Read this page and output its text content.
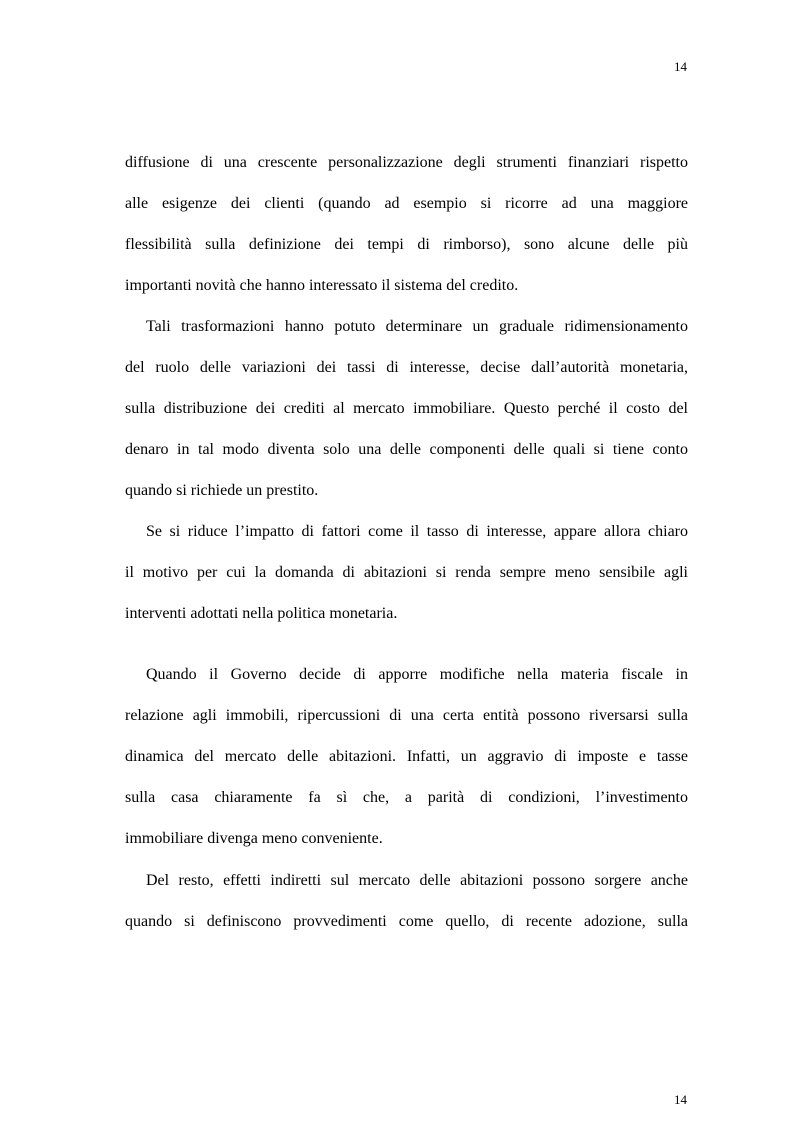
14
diffusione di una crescente personalizzazione degli strumenti finanziari rispetto
alle esigenze dei clienti (quando ad esempio si ricorre ad una maggiore
flessibilità sulla definizione dei tempi di rimborso), sono alcune delle più
importanti novità che hanno interessato il sistema del credito.
Tali trasformazioni hanno potuto determinare un graduale ridimensionamento
del ruolo delle variazioni dei tassi di interesse, decise dall’autorità monetaria,
sulla distribuzione dei crediti al mercato immobiliare. Questo perché il costo del
denaro in tal modo diventa solo una delle componenti delle quali si tiene conto
quando si richiede un prestito.
Se si riduce l’impatto di fattori come il tasso di interesse, appare allora chiaro
il motivo per cui la domanda di abitazioni si renda sempre meno sensibile agli
interventi adottati nella politica monetaria.
Quando il Governo decide di apporre modifiche nella materia fiscale in
relazione agli immobili, ripercussioni di una certa entità possono riversarsi sulla
dinamica del mercato delle abitazioni. Infatti, un aggravio di imposte e tasse
sulla casa chiaramente fa sì che, a parità di condizioni, l’investimento
immobiliare divenga meno conveniente.
Del resto, effetti indiretti sul mercato delle abitazioni possono sorgere anche
quando si definiscono provvedimenti come quello, di recente adozione, sulla
14
